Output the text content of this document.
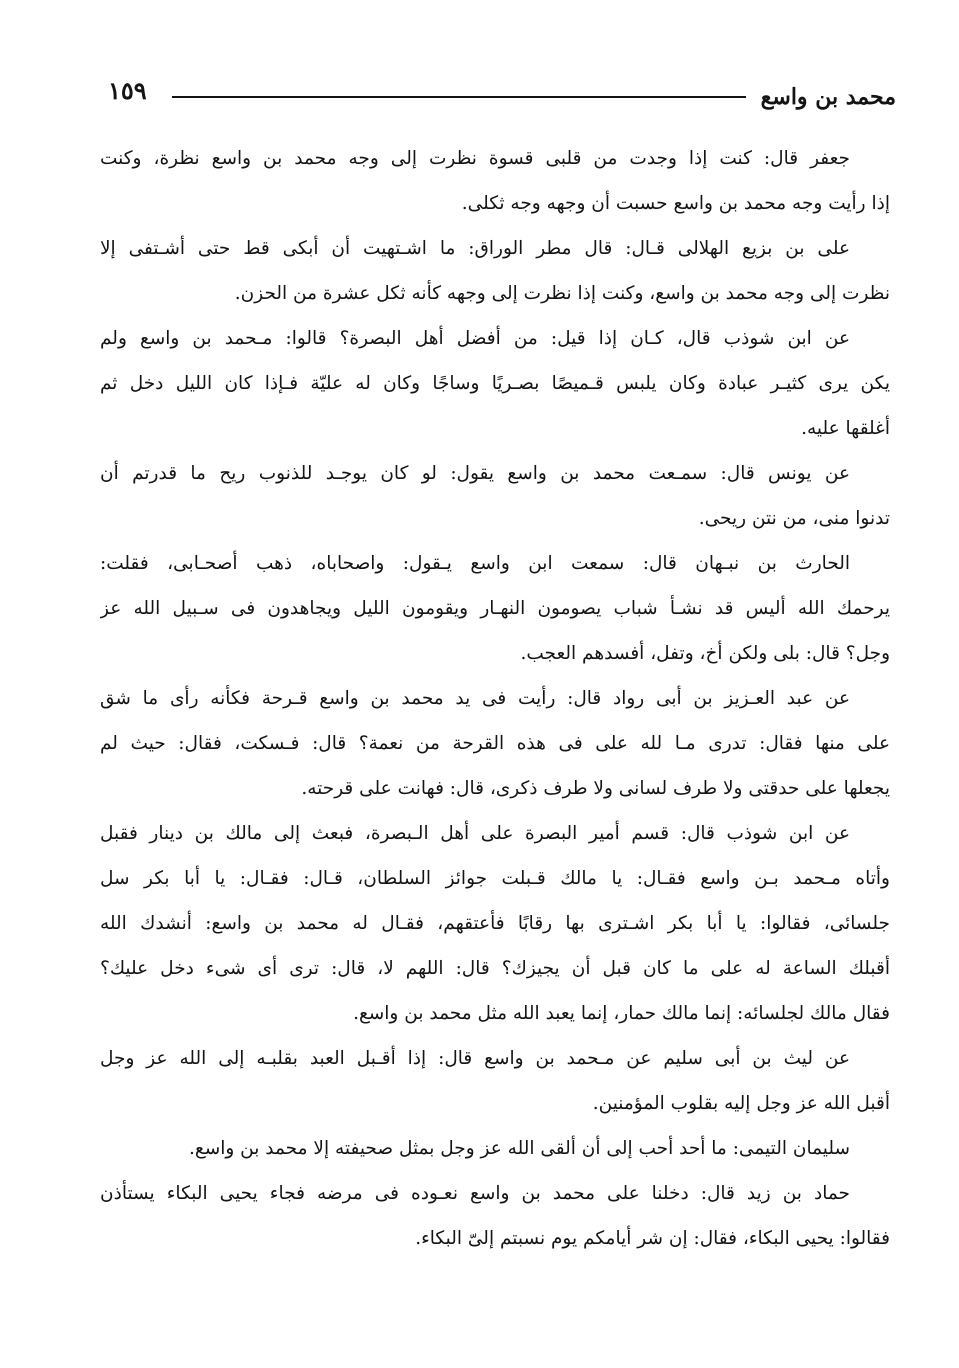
محمد بن واسع
١٥٩

جعفر قال: كنت إذا وجدت من قلبى قسوة نظرت إلى وجه محمد بن واسع نظرة، وكنت
إذا رأيت وجه محمد بن واسع حسبت أن وجهه وجه ثكلى.

على بن بزيع الهلالى قـال: قال مطر الوراق: ما اشـتهيت أن أبكى قط حتى أشـتفى إلا
نظرت إلى وجه محمد بن واسع، وكنت إذا نظرت إلى وجهه كأنه ثكل عشرة من الحزن.

عن ابن شوذب قال، كـان إذا قيل: من أفضل أهل البصرة؟ قالوا: مـحمد بن واسع ولم
يكن يرى كثيـر عبادة وكان يلبس قـميصًا بصـريًا وساجًا وكان له عليّة فـإذا كان الليل دخل ثم
أغلقها عليه.

عن يونس قال: سمـعت محمد بن واسع يقول: لو كان يوجـد للذنوب ريح ما قدرتم أن
تدنوا منى، من نتن ريحى.

الحارث بن نبـهان قال: سمعت ابن واسع يـقول: واصحاباه، ذهب أصحـابى، فقلت:
يرحمك الله أليس قد نشـأ شباب يصومون النهـار ويقومون الليل ويجاهدون فى سـبيل الله عز
وجل؟ قال: بلى ولكن أخ، وتفل، أفسدهم العجب.

عن عبد العـزيز بن أبى رواد قال: رأيت فى يد محمد بن واسع قـرحة فكأنه رأى ما شق
على منها فقال: تدرى مـا لله على فى هذه القرحة من نعمة؟ قال: فـسكت، فقال: حيث لم
يجعلها على حدقتى ولا طرف لسانى ولا طرف ذكرى، قال: فهانت على قرحته.

عن ابن شوذب قال: قسم أمير البصرة على أهل الـبصرة، فبعث إلى مالك بن دينار فقبل
وأتاه مـحمد بـن واسع فقـال: يا مالك قـبلت جوائز السلطان، قـال: فقـال: يا أبا بكر سل
جلسائى، فقالوا: يا أبا بكر اشـترى بها رقابًا فأعتقهم، فقـال له محمد بن واسع: أنشدك الله
أقبلك الساعة له على ما كان قبل أن يجيزك؟ قال: اللهم لا، قال: ترى أى شىء دخل عليك؟
فقال مالك لجلسائه: إنما مالك حمار، إنما يعبد الله مثل محمد بن واسع.

عن ليث بن أبى سليم عن مـحمد بن واسع قال: إذا أقـبل العبد بقلبـه إلى الله عز وجل
أقبل الله عز وجل إليه بقلوب المؤمنين.

سليمان التيمى: ما أحد أحب إلى أن ألقى الله عز وجل بمثل صحيفته إلا محمد بن واسع.

حماد بن زيد قال: دخلنا على محمد بن واسع نعـوده فى مرضه فجاء يحيى البكاء يستأذن
فقالوا: يحيى البكاء، فقال: إن شر أيامكم يوم نسبتم إلىّ البكاء.
